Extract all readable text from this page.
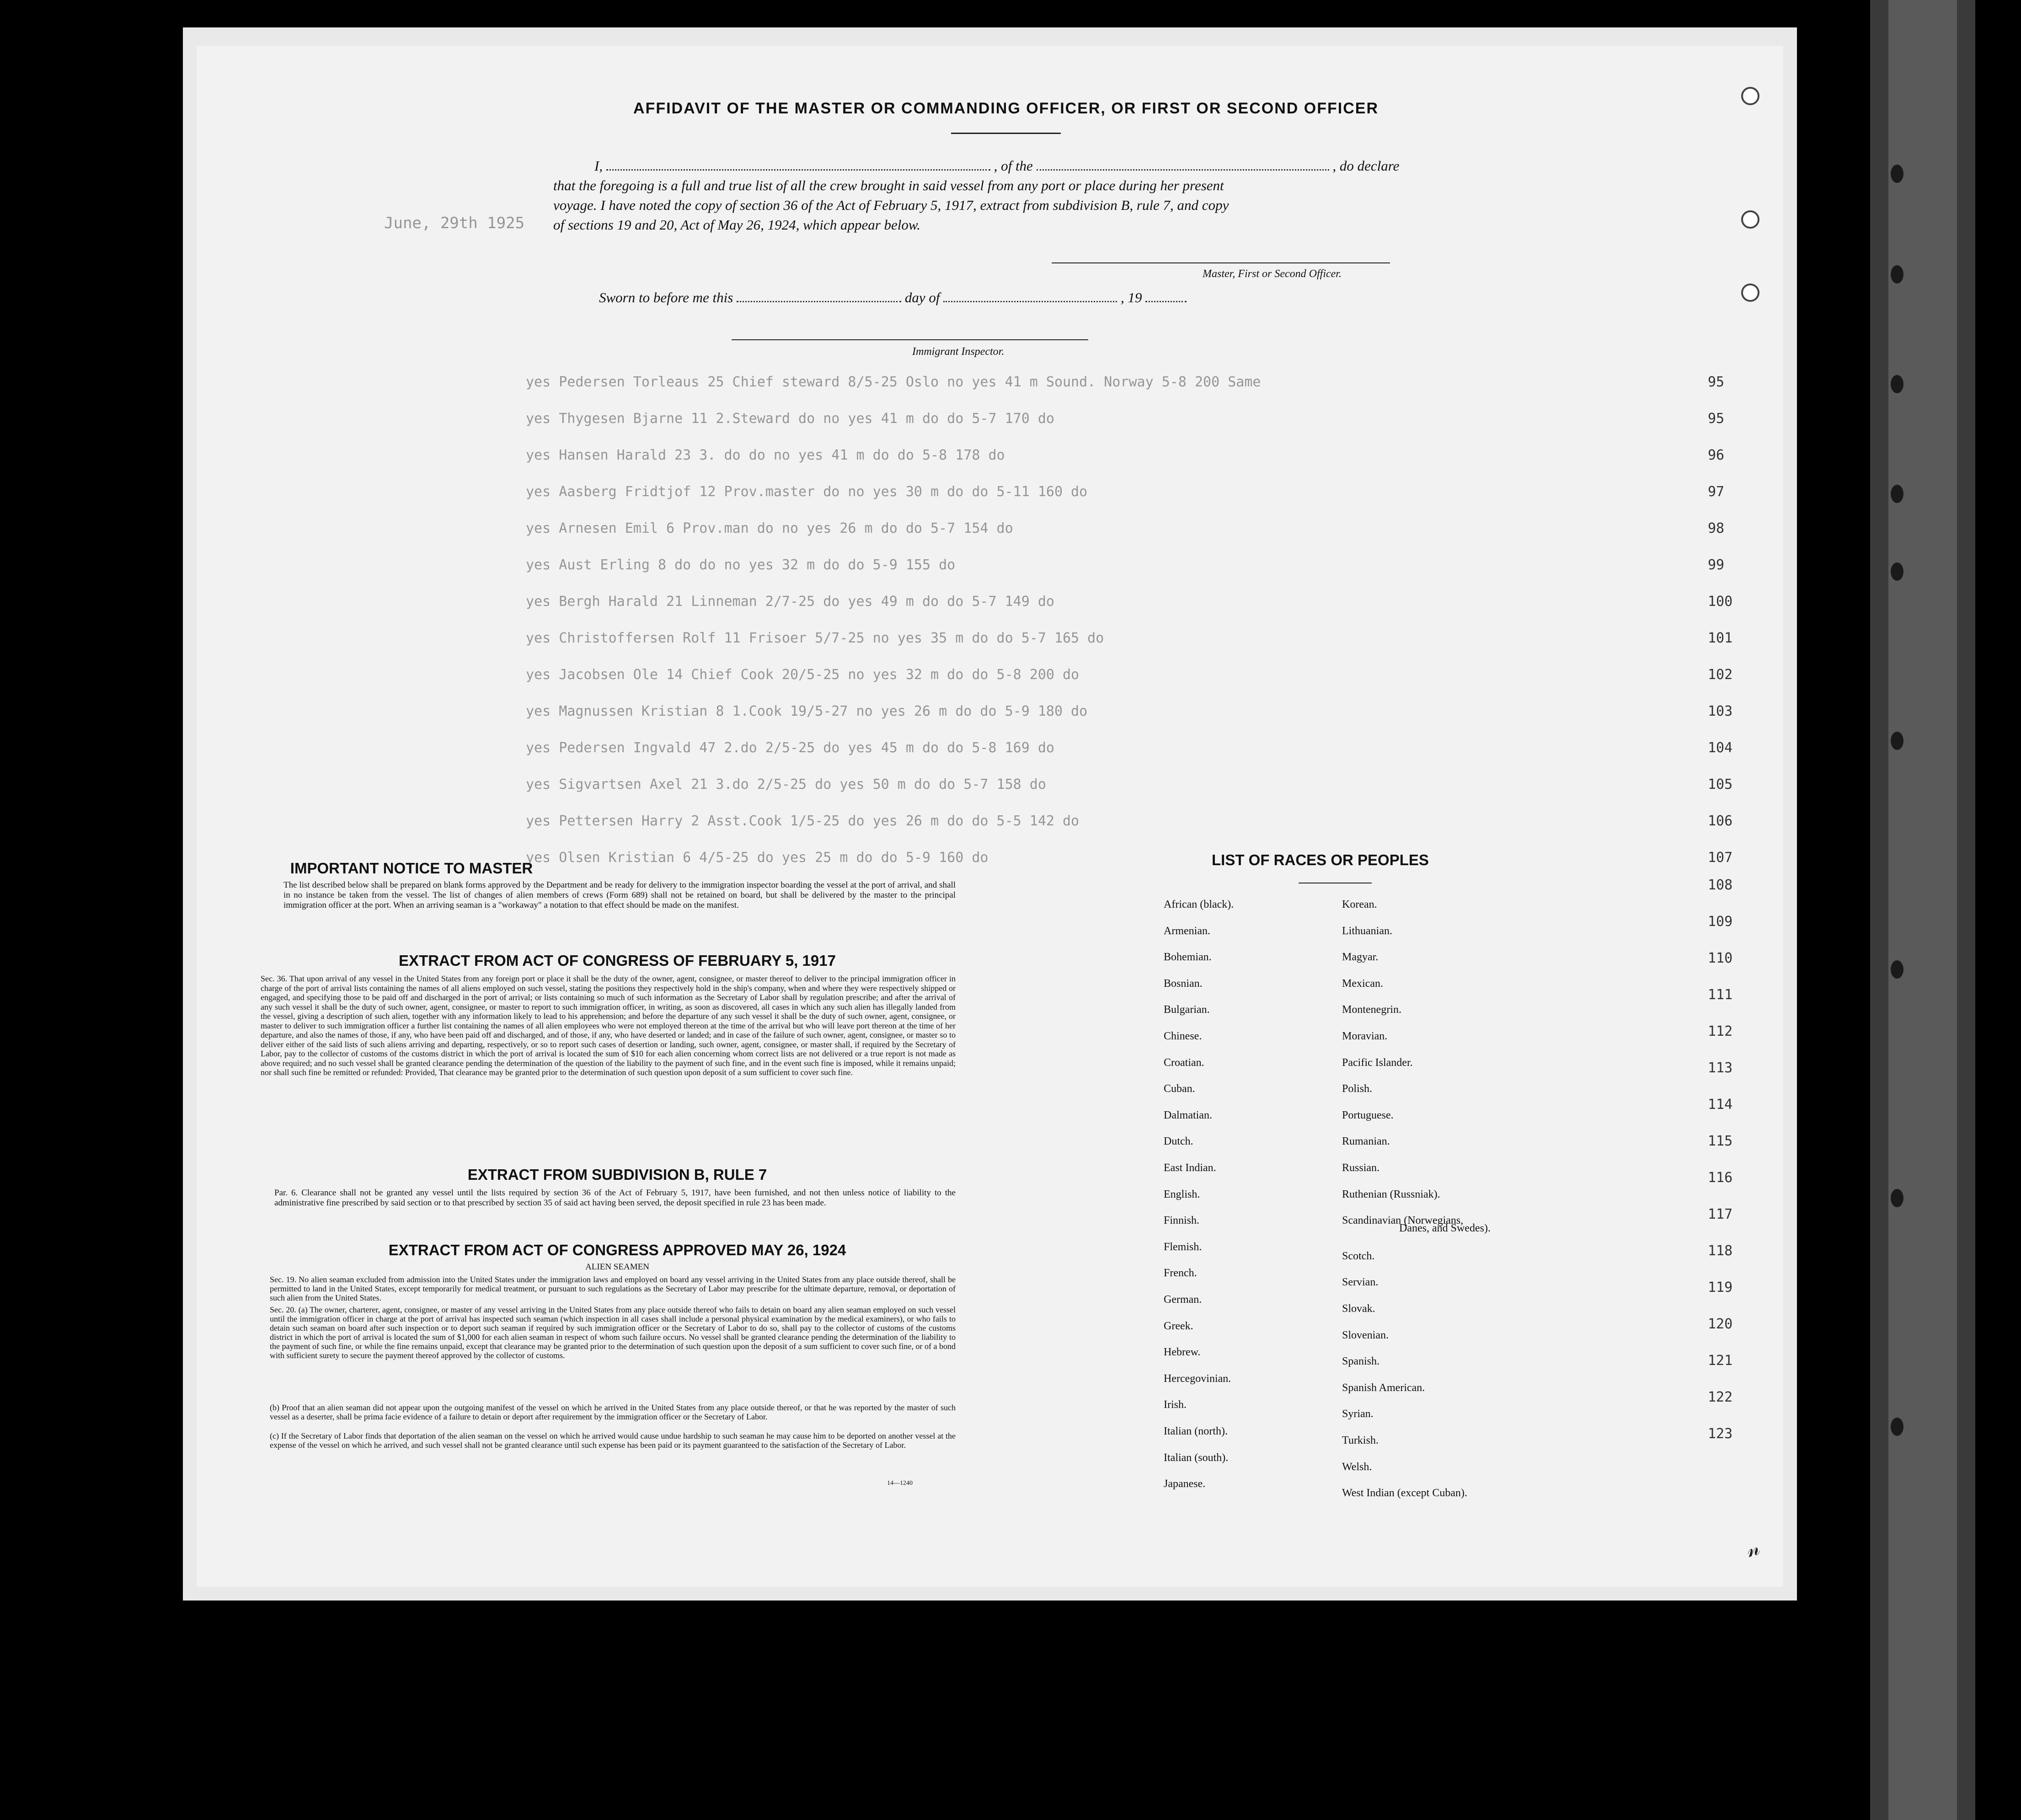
AFFIDAVIT OF THE MASTER OR COMMANDING OFFICER, OR FIRST OR SECOND OFFICER
I,	, of the	, do declare
that the foregoing is a full and true list of all the crew brought in said vessel from any port or place during her present
voyage. I have noted the copy of section 36 of the Act of February 5, 1917, extract from subdivision B, rule 7, and copy
of sections 19 and 20, Act of May 26, 1924, which appear below.
Master, First or Second Officer.
Sworn to before me this	day of	, 19
Immigrant Inspector.
June, 29th 1925
yes Pedersen Torleaus 25 Chief steward 8/5-25 Oslo no yes 41 m Sound. Norway 5-8 200 Same	95
yes Thygesen Bjarne 11 2.Steward do no yes 41 m do do 5-7 170 do	95
yes Hansen Harald 23 3. do do no yes 41 m do do 5-8 178 do	96
yes Aasberg Fridtjof 12 Prov.master do no yes 30 m do do 5-11 160 do	97
yes Arnesen Emil 6 Prov.man do no yes 26 m do do 5-7 154 do	98
yes Aust Erling 8 do do no yes 32 m do do 5-9 155 do	99
yes Bergh Harald 21 Linneman 2/7-25 do yes 49 m do do 5-7 149 do	100
yes Christoffersen Rolf 11 Frisoer 5/7-25 no yes 35 m do do 5-7 165 do	101
yes Jacobsen Ole 14 Chief Cook 20/5-25 no yes 32 m do do 5-8 200 do	102
yes Magnussen Kristian 8 1.Cook 19/5-27 no yes 26 m do do 5-9 180 do	103
yes Pedersen Ingvald 47 2.do 2/5-25 do yes 45 m do do 5-8 169 do	104
yes Sigvartsen Axel 21 3.do 2/5-25 do yes 50 m do do 5-7 158 do	105
yes Pettersen Harry 2 Asst.Cook 1/5-25 do yes 26 m do do 5-5 142 do	106
yes Olsen Kristian 6 4/5-25 do yes 25 m do do 5-9 160 do	107
108
109
110
111
112
113
114
115
116
117
118
119
120
121
122
123
IMPORTANT NOTICE TO MASTER
The list described below shall be prepared on blank forms approved by the Department and be ready for delivery to the immigration inspector boarding the vessel at the port of arrival, and shall in no instance be taken from the vessel. The list of changes of alien members of crews (Form 689) shall not be retained on board, but shall be delivered by the master to the principal immigration officer at the port. When an arriving seaman is a "workaway" a notation to that effect should be made on the manifest.
EXTRACT FROM ACT OF CONGRESS OF FEBRUARY 5, 1917
Sec. 36. That upon arrival of any vessel in the United States from any foreign port or place it shall be the duty of the owner, agent, consignee, or master thereof to deliver to the principal immigration officer in charge of the port of arrival lists containing the names of all aliens employed on such vessel, stating the positions they respectively hold in the ship's company, when and where they were respectively shipped or engaged, and specifying those to be paid off and discharged in the port of arrival; or lists containing so much of such information as the Secretary of Labor shall by regulation prescribe; and after the arrival of any such vessel it shall be the duty of such owner, agent, consignee, or master to report to such immigration officer, in writing, as soon as discovered, all cases in which any such alien has illegally landed from the vessel, giving a description of such alien, together with any information likely to lead to his apprehension; and before the departure of any such vessel it shall be the duty of such owner, agent, consignee, or master to deliver to such immigration officer a further list containing the names of all alien employees who were not employed thereon at the time of the arrival but who will leave port thereon at the time of her departure, and also the names of those, if any, who have been paid off and discharged, and of those, if any, who have deserted or landed; and in case of the failure of such owner, agent, consignee, or master so to deliver either of the said lists of such aliens arriving and departing, respectively, or so to report such cases of desertion or landing, such owner, agent, consignee, or master shall, if required by the Secretary of Labor, pay to the collector of customs of the customs district in which the port of arrival is located the sum of $10 for each alien concerning whom correct lists are not delivered or a true report is not made as above required; and no such vessel shall be granted clearance pending the determination of the question of the liability to the payment of such fine, and in the event such fine is imposed, while it remains unpaid; nor shall such fine be remitted or refunded: Provided, That clearance may be granted prior to the determination of such question upon deposit of a sum sufficient to cover such fine.
EXTRACT FROM SUBDIVISION B, RULE 7
Par. 6. Clearance shall not be granted any vessel until the lists required by section 36 of the Act of February 5, 1917, have been furnished, and not then unless notice of liability to the administrative fine prescribed by said section or to that prescribed by section 35 of said act having been served, the deposit specified in rule 23 has been made.
EXTRACT FROM ACT OF CONGRESS APPROVED MAY 26, 1924
ALIEN SEAMEN
Sec. 19. No alien seaman excluded from admission into the United States under the immigration laws and employed on board any vessel arriving in the United States from any place outside thereof, shall be permitted to land in the United States, except temporarily for medical treatment, or pursuant to such regulations as the Secretary of Labor may prescribe for the ultimate departure, removal, or deportation of such alien from the United States.
Sec. 20. (a) The owner, charterer, agent, consignee, or master of any vessel arriving in the United States from any place outside thereof who fails to detain on board any alien seaman employed on such vessel until the immigration officer in charge at the port of arrival has inspected such seaman (which inspection in all cases shall include a personal physical examination by the medical examiners), or who fails to detain such seaman on board after such inspection or to deport such seaman if required by such immigration officer or the Secretary of Labor to do so, shall pay to the collector of customs of the customs district in which the port of arrival is located the sum of $1,000 for each alien seaman in respect of whom such failure occurs. No vessel shall be granted clearance pending the determination of the liability to the payment of such fine, or while the fine remains unpaid, except that clearance may be granted prior to the determination of such question upon the deposit of a sum sufficient to cover such fine, or of a bond with sufficient surety to secure the payment thereof approved by the collector of customs.
(b) Proof that an alien seaman did not appear upon the outgoing manifest of the vessel on which he arrived in the United States from any place outside thereof, or that he was reported by the master of such vessel as a deserter, shall be prima facie evidence of a failure to detain or deport after requirement by the immigration officer or the Secretary of Labor.
(c) If the Secretary of Labor finds that deportation of the alien seaman on the vessel on which he arrived would cause undue hardship to such seaman he may cause him to be deported on another vessel at the expense of the vessel on which he arrived, and such vessel shall not be granted clearance until such expense has been paid or its payment guaranteed to the satisfaction of the Secretary of Labor.
14—1240
LIST OF RACES OR PEOPLES
African (black).
Armenian.
Bohemian.
Bosnian.
Bulgarian.
Chinese.
Croatian.
Cuban.
Dalmatian.
Dutch.
East Indian.
English.
Finnish.
Flemish.
French.
German.
Greek.
Hebrew.
Hercegovinian.
Irish.
Italian (north).
Italian (south).
Japanese.
Korean.
Lithuanian.
Magyar.
Mexican.
Montenegrin.
Moravian.
Pacific Islander.
Polish.
Portuguese.
Rumanian.
Russian.
Ruthenian (Russniak).
Scandinavian (Norwegians,
Scotch.
Servian.
Slovak.
Slovenian.
Spanish.
Spanish American.
Syrian.
Turkish.
Welsh.
West Indian (except Cuban).
Danes, and Swedes).
𝓃
